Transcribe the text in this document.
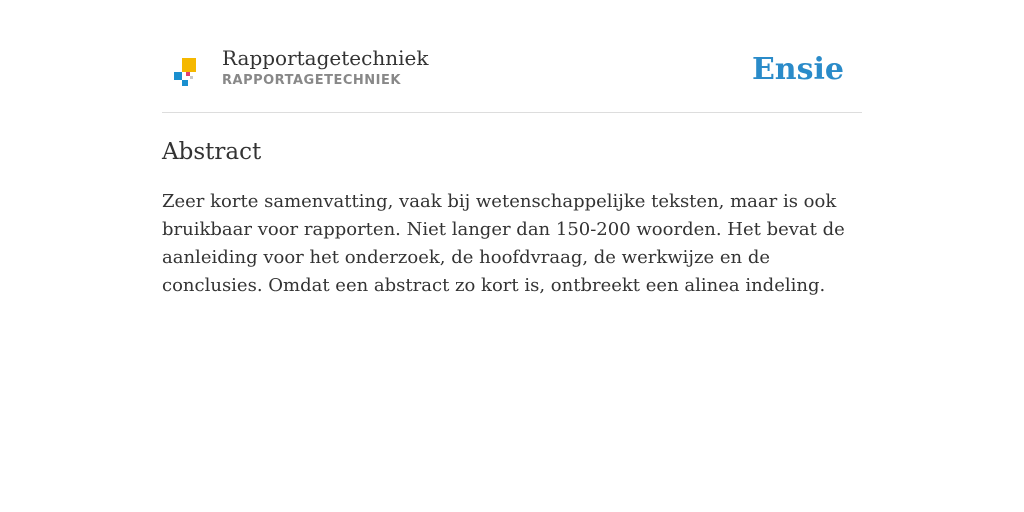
Rapportagetechniek
RAPPORTAGETECHNIEK	Ensie
Abstract

Zeer korte samenvatting, vaak bij wetenschappelijke teksten, maar is ook bruikbaar voor rapporten. Niet langer dan 150-200 woorden. Het bevat de aanleiding voor het onderzoek, de hoofdvraag, de werkwijze en de conclusies. Omdat een abstract zo kort is, ontbreekt een alinea indeling.
